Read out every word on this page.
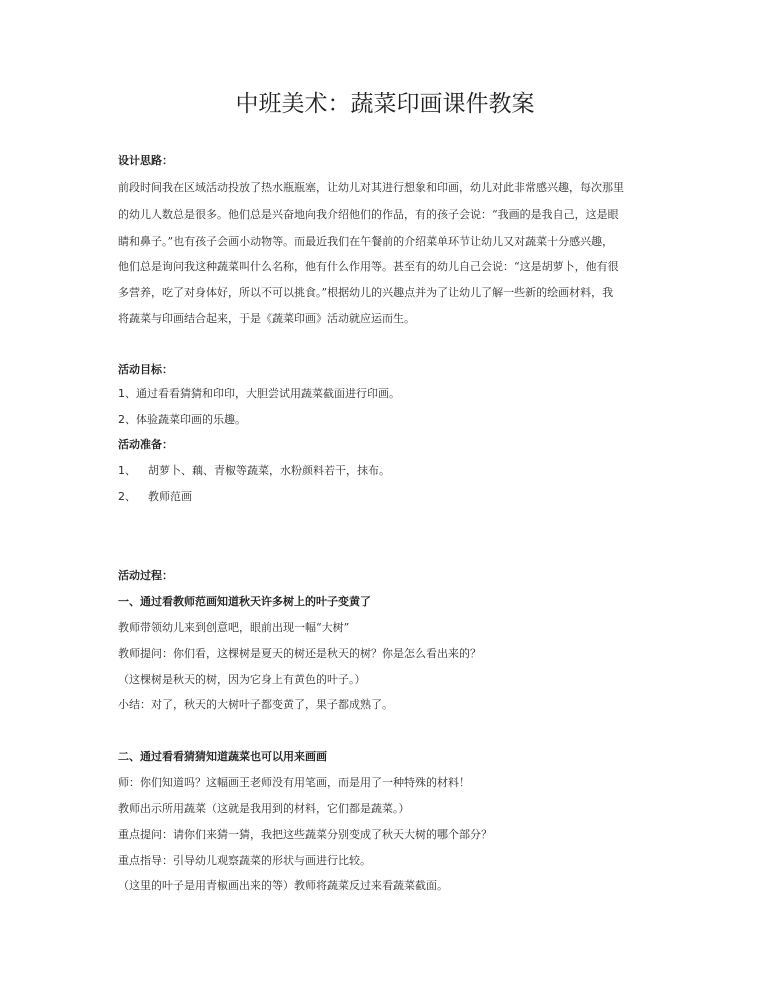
中班美术：蔬菜印画课件教案
设计思路：
前段时间我在区域活动投放了热水瓶瓶塞，让幼儿对其进行想象和印画，幼儿对此非常感兴趣，每次那里
的幼儿人数总是很多。他们总是兴奋地向我介绍他们的作品，有的孩子会说：“我画的是我自己，这是眼
睛和鼻子。”也有孩子会画小动物等。而最近我们在午餐前的介绍菜单环节让幼儿又对蔬菜十分感兴趣，
他们总是询问我这种蔬菜叫什么名称，他有什么作用等。甚至有的幼儿自己会说：“这是胡萝卜，他有很
多营养，吃了对身体好，所以不可以挑食。”根据幼儿的兴趣点并为了让幼儿了解一些新的绘画材料，我
将蔬菜与印画结合起来，于是《蔬菜印画》活动就应运而生。
活动目标：
1、通过看看猜猜和印印，大胆尝试用蔬菜截面进行印画。
2、体验蔬菜印画的乐趣。
活动准备：
1、 胡萝卜、藕、青椒等蔬菜，水粉颜料若干，抹布。
2、 教师范画
活动过程：
一、通过看教师范画知道秋天许多树上的叶子变黄了
教师带领幼儿来到创意吧，眼前出现一幅“大树”
教师提问：你们看，这棵树是夏天的树还是秋天的树？你是怎么看出来的？
（这棵树是秋天的树，因为它身上有黄色的叶子。）
小结：对了，秋天的大树叶子都变黄了，果子都成熟了。
二、通过看看猜猜知道蔬菜也可以用来画画
师：你们知道吗？这幅画王老师没有用笔画，而是用了一种特殊的材料！
教师出示所用蔬菜（这就是我用到的材料，它们都是蔬菜。）
重点提问：请你们来猜一猜，我把这些蔬菜分别变成了秋天大树的哪个部分？
重点指导：引导幼儿观察蔬菜的形状与画进行比较。
（这里的叶子是用青椒画出来的等）教师将蔬菜反过来看蔬菜截面。
